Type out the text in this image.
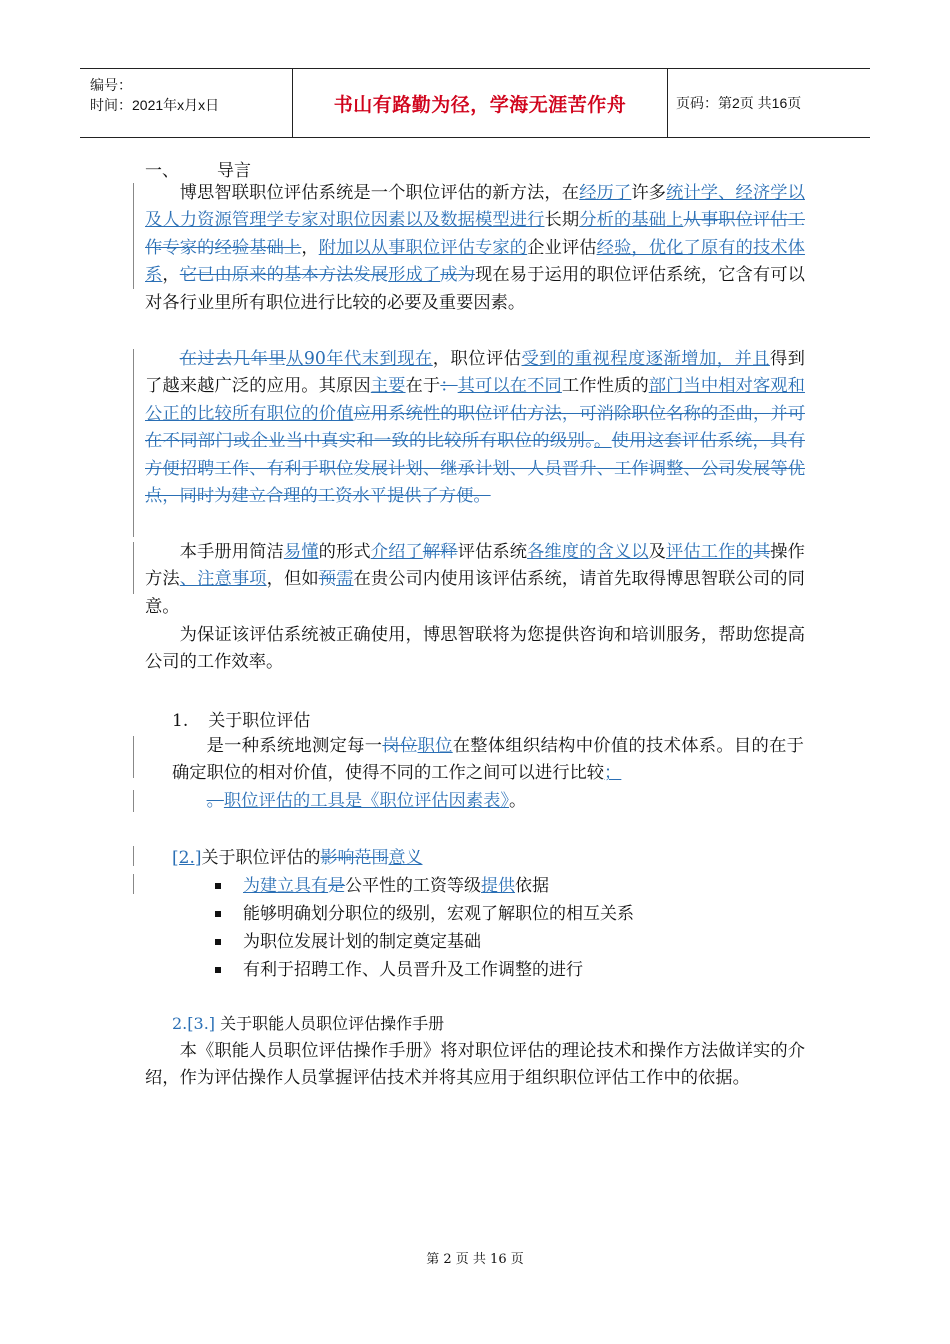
编号：
时间：2021年x月x日	书山有路勤为径，学海无涯苦作舟	页码：第2页 共16页
一、 导言

博思智联职位评估系统是一个职位评估的新方法，在经历了许多统计学、经济学以及人力资源管理学专家对职位因素以及数据模型进行长期分析的基础上从事职位评估工作专家的经验基础上，附加以从事职位评估专家的企业评估经验，优化了原有的技术体系，它已由原来的基本方法发展形成了成为现在易于运用的职位评估系统，它含有可以对各行业里所有职位进行比较的必要及重要因素。

在过去几年里从90年代末到现在，职位评估受到的重视程度逐渐增加，并且得到了越来越广泛的应用。其原因主要在于：其可以在不同工作性质的部门当中相对客观和公正的比较所有职位的价值应用系统性的职位评估方法，可消除职位名称的歪曲，并可在不同部门或企业当中真实和一致的比较所有职位的级别。。使用这套评估系统，具有方便招聘工作、有利于职位发展计划、继承计划、人员晋升、工作调整、公司发展等优点，同时为建立合理的工资水平提供了方便。

本手册用简洁易懂的形式介绍了解释评估系统各维度的含义以及评估工作的其操作方法、注意事项，但如预需在贵公司内使用该评估系统，请首先取得博思智联公司的同意。

为保证该评估系统被正确使用，博思智联将为您提供咨询和培训服务，帮助您提高公司的工作效率。

1. 关于职位评估

是一种系统地测定每一岗位职位在整体组织结构中价值的技术体系。目的在于确定职位的相对价值，使得不同的工作之间可以进行比较；

。职位评估的工具是《职位评估因素表》。

[2.]关于职位评估的影响范围意义
为建立具有是公平性的工资等级提供依据
能够明确划分职位的级别，宏观了解职位的相互关系
为职位发展计划的制定奠定基础
有利于招聘工作、人员晋升及工作调整的进行
2.[3.] 关于职能人员职位评估操作手册

本《职能人员职位评估操作手册》将对职位评估的理论技术和操作方法做详实的介绍，作为评估操作人员掌握评估技术并将其应用于组织职位评估工作中的依据。

第 2 页 共 16 页
